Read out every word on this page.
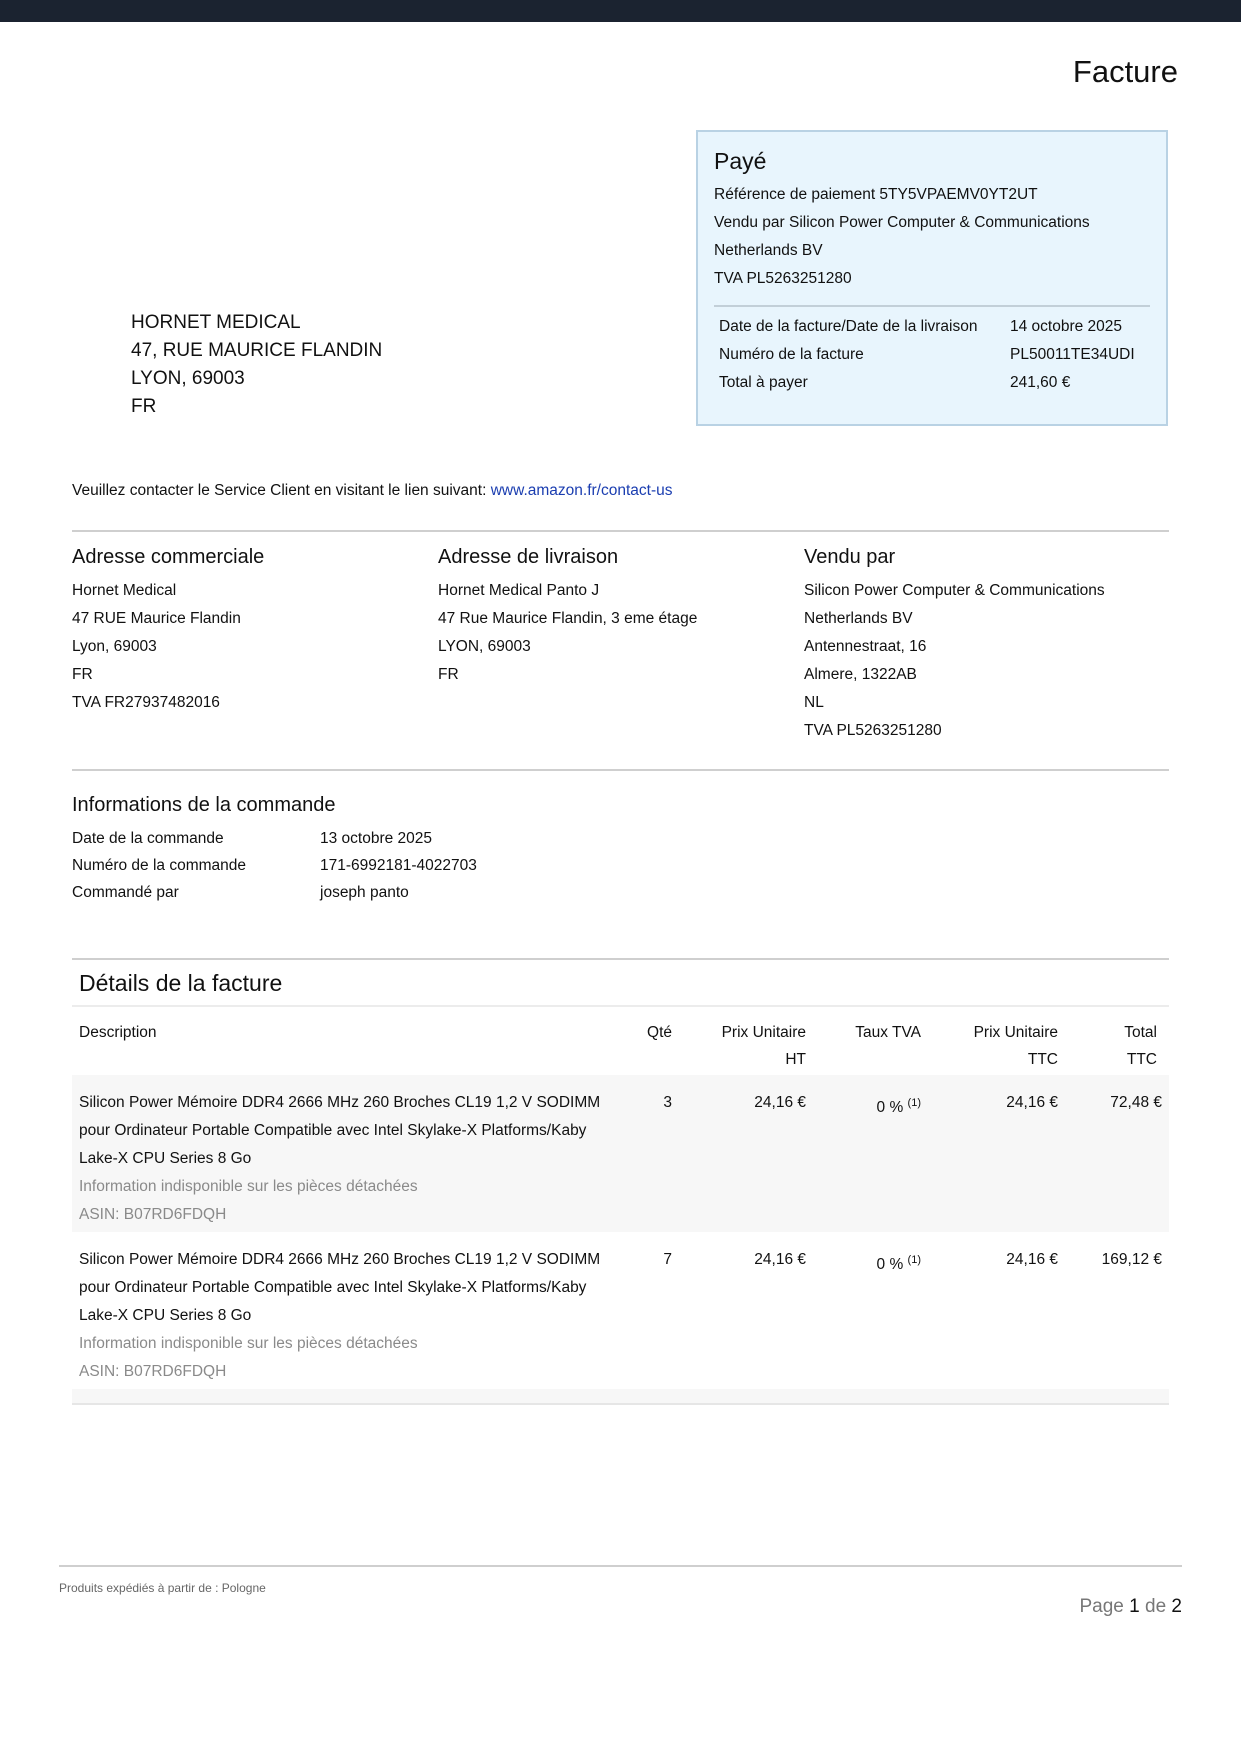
Facture
HORNET MEDICAL
47, RUE MAURICE FLANDIN
LYON, 69003
FR
Payé
Référence de paiement 5TY5VPAEMV0YT2UT
Vendu par Silicon Power Computer & Communications
Netherlands BV
TVA PL5263251280
Date de la facture/Date de la livraison	14 octobre 2025
Numéro de la facture	PL50011TE34UDI
Total à payer	241,60 €
Veuillez contacter le Service Client en visitant le lien suivant: www.amazon.fr/contact-us
Adresse commerciale
Hornet Medical
47 RUE Maurice Flandin
Lyon, 69003
FR
TVA FR27937482016
Adresse de livraison
Hornet Medical Panto J
47 Rue Maurice Flandin, 3 eme étage
LYON, 69003
FR
Vendu par
Silicon Power Computer & Communications
Netherlands BV
Antennestraat, 16
Almere, 1322AB
NL
TVA PL5263251280
Informations de la commande
Date de la commande	13 octobre 2025
Numéro de la commande	171-6992181-4022703
Commandé par	joseph panto
Détails de la facture
Description	Qté	Prix Unitaire
HT
Taux TVA	Prix Unitaire
TTC
Total
TTC
Silicon Power Mémoire DDR4 2666 MHz 260 Broches CL19 1,2 V SODIMM
pour Ordinateur Portable Compatible avec Intel Skylake-X Platforms/Kaby
Lake-X CPU Series 8 Go
Information indisponible sur les pièces détachées
ASIN: B07RD6FDQH
3	24,16 €	0 % $^{(1)}$	24,16 €	72,48 €
Silicon Power Mémoire DDR4 2666 MHz 260 Broches CL19 1,2 V SODIMM
pour Ordinateur Portable Compatible avec Intel Skylake-X Platforms/Kaby
Lake-X CPU Series 8 Go
Information indisponible sur les pièces détachées
ASIN: B07RD6FDQH
7	24,16 €	0 % $^{(1)}$	24,16 €	169,12 €
Produits expédiés à partir de : Pologne
Page 1 de 2
